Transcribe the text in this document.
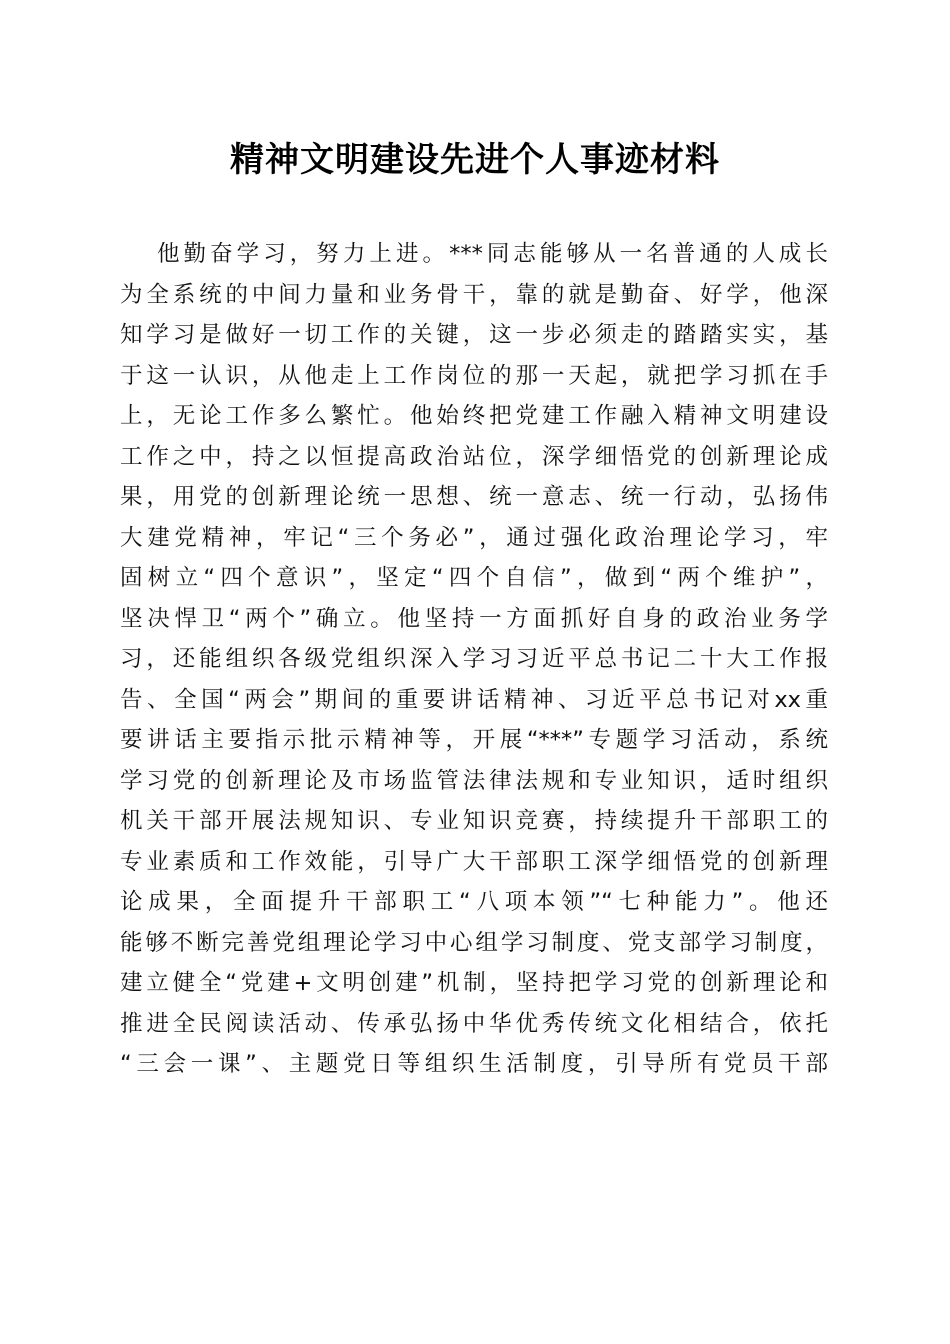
精神文明建设先进个人事迹材料
他勤奋学习，努力上进。***同志能够从一名普通的人成长
为全系统的中间力量和业务骨干，靠的就是勤奋、好学，他深
知学习是做好一切工作的关键，这一步必须走的踏踏实实，基
于这一认识，从他走上工作岗位的那一天起，就把学习抓在手
上，无论工作多么繁忙。他始终把党建工作融入精神文明建设
工作之中，持之以恒提高政治站位，深学细悟党的创新理论成
果，用党的创新理论统一思想、统一意志、统一行动，弘扬伟
大建党精神，牢记“三个务必”，通过强化政治理论学习，牢
固树立“四个意识”，坚定“四个自信”，做到“两个维护”，
坚决悍卫“两个”确立。他坚持一方面抓好自身的政治业务学
习，还能组织各级党组织深入学习习近平总书记二十大工作报
告、全国“两会”期间的重要讲话精神、习近平总书记对xx重
要讲话主要指示批示精神等，开展“***”专题学习活动，系统
学习党的创新理论及市场监管法律法规和专业知识，适时组织
机关干部开展法规知识、专业知识竞赛，持续提升干部职工的
专业素质和工作效能，引导广大干部职工深学细悟党的创新理
论成果，全面提升干部职工“八项本领”“七种能力”。他还
能够不断完善党组理论学习中心组学习制度、党支部学习制度，
建立健全“党建+文明创建”机制，坚持把学习党的创新理论和
推进全民阅读活动、传承弘扬中华优秀传统文化相结合，依托
“三会一课”、主题党日等组织生活制度，引导所有党员干部
